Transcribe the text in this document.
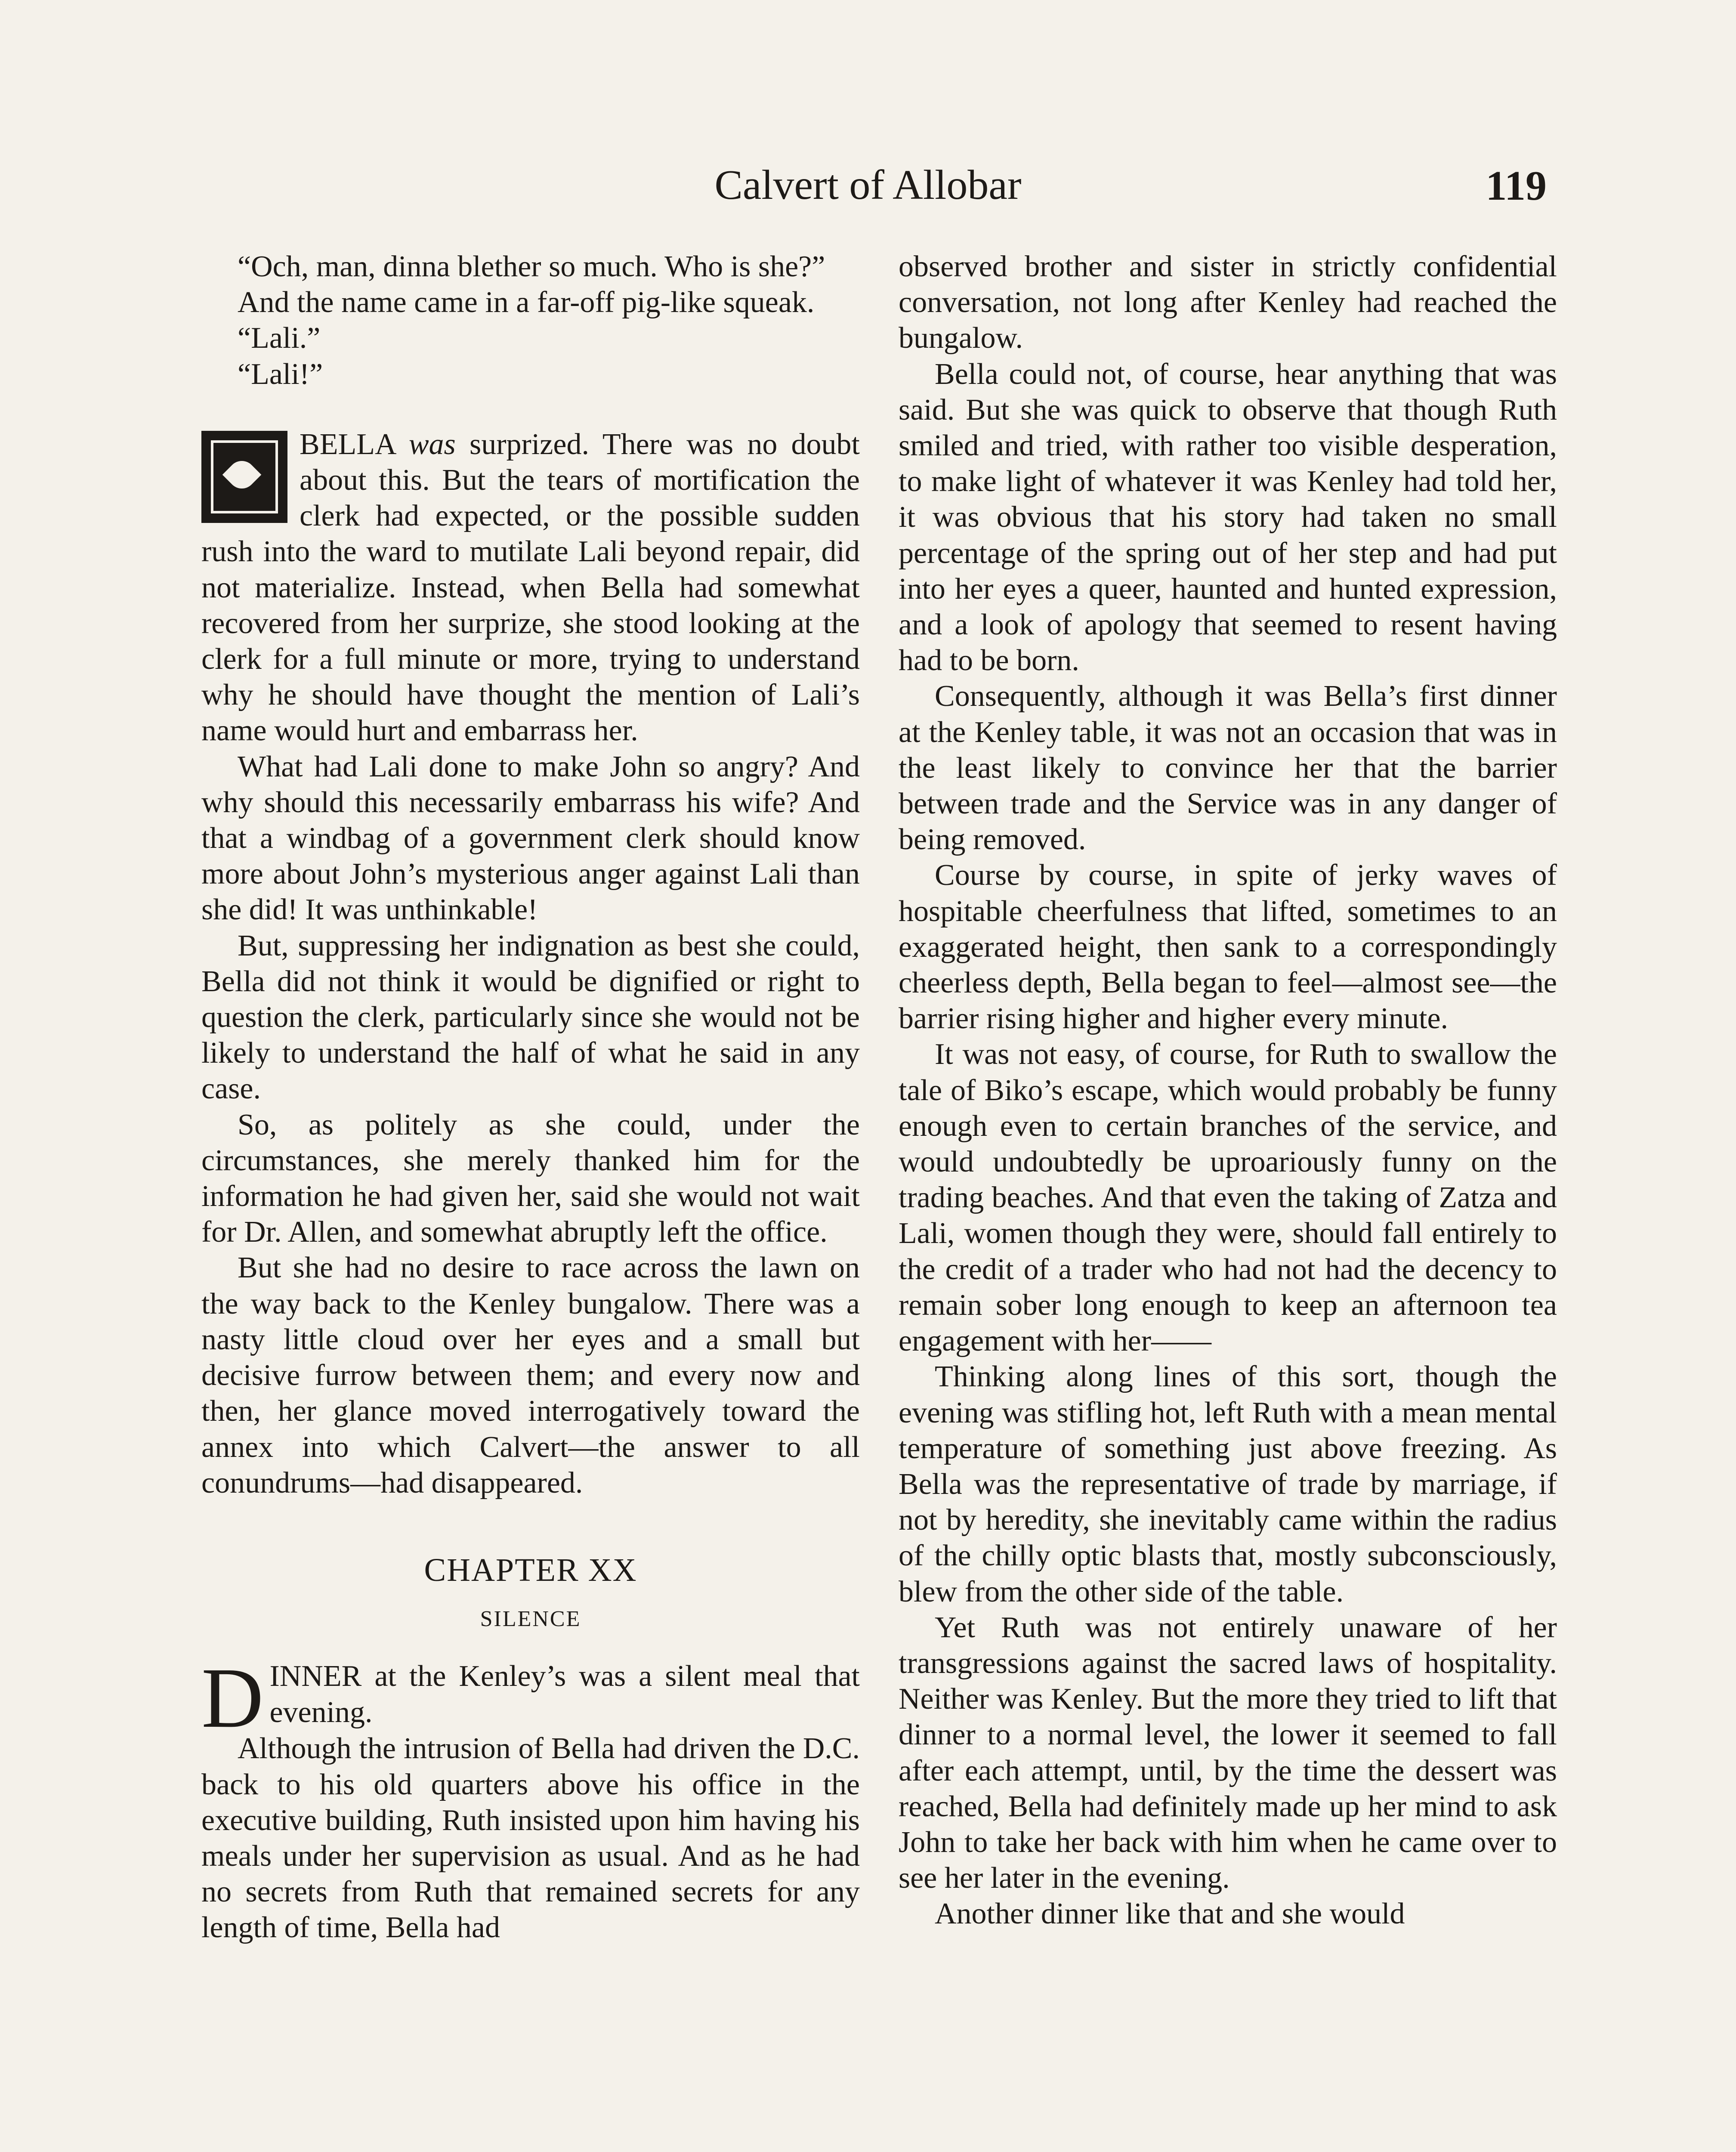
Calvert of Allobar	119

“Och, man, dinna blether so much. Who is she?”

And the name came in a far-off pig-like squeak.

“Lali.”

“Lali!”

BELLA was surprized. There was no doubt about this. But the tears of mortification the clerk had expected, or the possible sudden rush into the ward to mutilate Lali beyond repair, did not materialize. Instead, when Bella had somewhat recovered from her surprize, she stood looking at the clerk for a full minute or more, trying to understand why he should have thought the mention of Lali’s name would hurt and embarrass her.

What had Lali done to make John so angry? And why should this necessarily embarrass his wife? And that a windbag of a government clerk should know more about John’s mysterious anger against Lali than she did! It was unthinkable!

But, suppressing her indignation as best she could, Bella did not think it would be dignified or right to question the clerk, particularly since she would not be likely to understand the half of what he said in any case.

So, as politely as she could, under the circumstances, she merely thanked him for the information he had given her, said she would not wait for Dr. Allen, and somewhat abruptly left the office.

But she had no desire to race across the lawn on the way back to the Kenley bungalow. There was a nasty little cloud over her eyes and a small but decisive furrow between them; and every now and then, her glance moved interrogatively toward the annex into which Calvert—the answer to all conundrums—had disappeared.

CHAPTER XX
SILENCE

DINNER at the Kenley’s was a silent meal that evening.

Although the intrusion of Bella had driven the D.C. back to his old quarters above his office in the executive building, Ruth insisted upon him having his meals under her supervision as usual. And as he had no secrets from Ruth that remained secrets for any length of time, Bella had

observed brother and sister in strictly confidential conversation, not long after Kenley had reached the bungalow.

Bella could not, of course, hear anything that was said. But she was quick to observe that though Ruth smiled and tried, with rather too visible desperation, to make light of whatever it was Kenley had told her, it was obvious that his story had taken no small percentage of the spring out of her step and had put into her eyes a queer, haunted and hunted expression, and a look of apology that seemed to resent having had to be born.

Consequently, although it was Bella’s first dinner at the Kenley table, it was not an occasion that was in the least likely to convince her that the barrier between trade and the Service was in any danger of being removed.

Course by course, in spite of jerky waves of hospitable cheerfulness that lifted, sometimes to an exaggerated height, then sank to a correspondingly cheerless depth, Bella began to feel—almost see—the barrier rising higher and higher every minute.

It was not easy, of course, for Ruth to swallow the tale of Biko’s escape, which would probably be funny enough even to certain branches of the service, and would undoubtedly be uproariously funny on the trading beaches. And that even the taking of Zatza and Lali, women though they were, should fall entirely to the credit of a trader who had not had the decency to remain sober long enough to keep an afternoon tea engagement with her——

Thinking along lines of this sort, though the evening was stifling hot, left Ruth with a mean mental temperature of something just above freezing. As Bella was the representative of trade by marriage, if not by heredity, she inevitably came within the radius of the chilly optic blasts that, mostly subconsciously, blew from the other side of the table.

Yet Ruth was not entirely unaware of her transgressions against the sacred laws of hospitality. Neither was Kenley. But the more they tried to lift that dinner to a normal level, the lower it seemed to fall after each attempt, until, by the time the dessert was reached, Bella had definitely made up her mind to ask John to take her back with him when he came over to see her later in the evening.

Another dinner like that and she would
